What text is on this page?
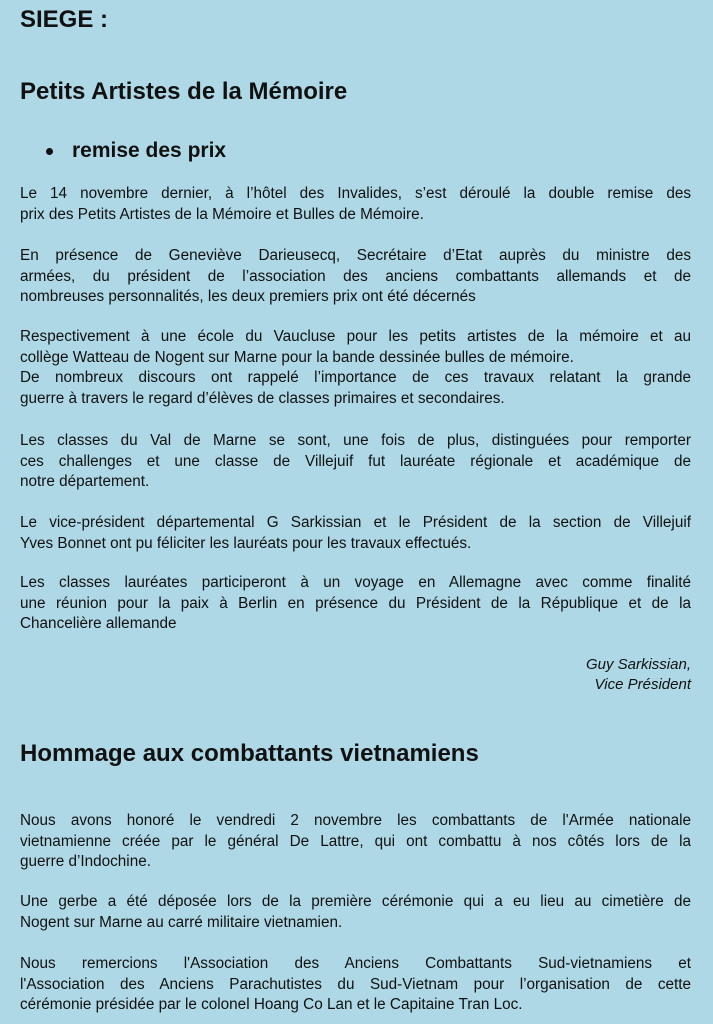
SIEGE :
Petits Artistes de la Mémoire
remise des prix

Le 14 novembre dernier, à l’hôtel des Invalides, s’est déroulé la double remise des
prix des Petits Artistes de la Mémoire et Bulles de Mémoire.

En présence de Geneviève Darieusecq, Secrétaire d’Etat auprès du ministre des
armées, du président de l’association des anciens combattants allemands et de
nombreuses personnalités, les deux premiers prix ont été décernés

Respectivement à une école du Vaucluse pour les petits artistes de la mémoire et au
collège Watteau de Nogent sur Marne pour la bande dessinée bulles de mémoire.
De nombreux discours ont rappelé l’importance de ces travaux relatant la grande
guerre à travers le regard d’élèves de classes primaires et secondaires.

Les classes du Val de Marne se sont, une fois de plus, distinguées pour remporter
ces challenges et une classe de Villejuif fut lauréate régionale et académique de
notre département.

Le vice-président départemental G Sarkissian et le Président de la section de Villejuif
Yves Bonnet ont pu féliciter les lauréats pour les travaux effectués.

Les classes lauréates participeront à un voyage en Allemagne avec comme finalité
une réunion pour la paix à Berlin en présence du Président de la République et de la
Chancelière allemande

Guy Sarkissian,
Vice Président
Hommage aux combattants vietnamiens

Nous avons honoré le vendredi 2 novembre les combattants de l'Armée nationale
vietnamienne créée par le général De Lattre, qui ont combattu à nos côtés lors de la
guerre d’Indochine.

Une gerbe a été déposée lors de la première cérémonie qui a eu lieu au cimetière de
Nogent sur Marne au carré militaire vietnamien.

Nous remercions l'Association des Anciens Combattants Sud-vietnamiens et
l'Association des Anciens Parachutistes du Sud-Vietnam pour l’organisation de cette
cérémonie présidée par le colonel Hoang Co Lan et le Capitaine Tran Loc.
